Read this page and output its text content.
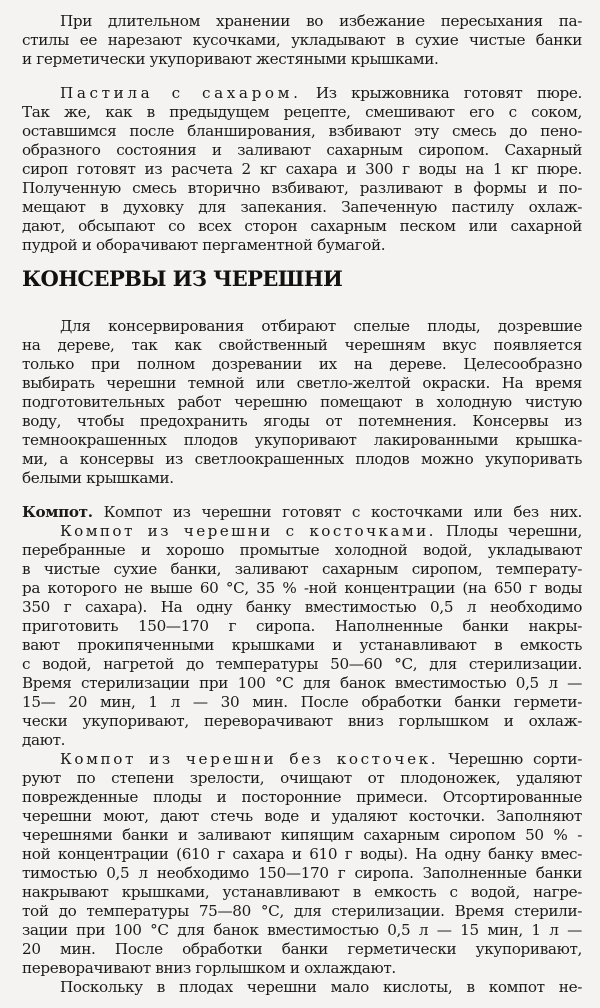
При длительном хранении во избежание пересыхания па-
стилы ее нарезают кусочками, укладывают в сухие чистые банки
и герметически укупоривают жестяными крышками.
Пастила с сахаром. Из крыжовника готовят пюре.
Так же, как в предыдущем рецепте, смешивают его с соком,
оставшимся после бланширования, взбивают эту смесь до пено-
образного состояния и заливают сахарным сиропом. Сахарный
сироп готовят из расчета 2 кг сахара и 300 г воды на 1 кг пюре.
Полученную смесь вторично взбивают, разливают в формы и по-
мещают в духовку для запекания. Запеченную пастилу охлаж-
дают, обсыпают со всех сторон сахарным песком или сахарной
пудрой и оборачивают пергаментной бумагой.
КОНСЕРВЫ ИЗ ЧЕРЕШНИ
Для консервирования отбирают спелые плоды, дозревшие
на дереве, так как свойственный черешням вкус появляется
только при полном дозревании их на дереве. Целесообразно
выбирать черешни темной или светло-желтой окраски. На время
подготовительных работ черешню помещают в холодную чистую
воду, чтобы предохранить ягоды от потемнения. Консервы из
темноокрашенных плодов укупоривают лакированными крышка-
ми, а консервы из светлоокрашенных плодов можно укупоривать
белыми крышками.
Компот. Компот из черешни готовят с косточками или без них.
Компот из черешни с косточками. Плоды черешни,
перебранные и хорошо промытые холодной водой, укладывают
в чистые сухие банки, заливают сахарным сиропом, температу-
ра которого не выше 60 °С, 35 % -ной концентрации (на 650 г воды
350 г сахара). На одну банку вместимостью 0,5 л необходимо
приготовить 150—170 г сиропа. Наполненные банки накры-
вают прокипяченными крышками и устанавливают в емкость
с водой, нагретой до температуры 50—60 °С, для стерилизации.
Время стерилизации при 100 °С для банок вместимостью 0,5 л —
15— 20 мин, 1 л — 30 мин. После обработки банки гермети-
чески укупоривают, переворачивают вниз горлышком и охлаж-
дают.
Компот из черешни без косточек. Черешню сорти-
руют по степени зрелости, очищают от плодоножек, удаляют
поврежденные плоды и посторонние примеси. Отсортированные
черешни моют, дают стечь воде и удаляют косточки. Заполняют
черешнями банки и заливают кипящим сахарным сиропом 50 % -
ной концентрации (610 г сахара и 610 г воды). На одну банку вмес-
тимостью 0,5 л необходимо 150—170 г сиропа. Заполненные банки
накрывают крышками, устанавливают в емкость с водой, нагре-
той до температуры 75—80 °С, для стерилизации. Время стерили-
зации при 100 °С для банок вместимостью 0,5 л — 15 мин, 1 л —
20 мин. После обработки банки герметически укупоривают,
переворачивают вниз горлышком и охлаждают.
Поскольку в плодах черешни мало кислоты, в компот не-
